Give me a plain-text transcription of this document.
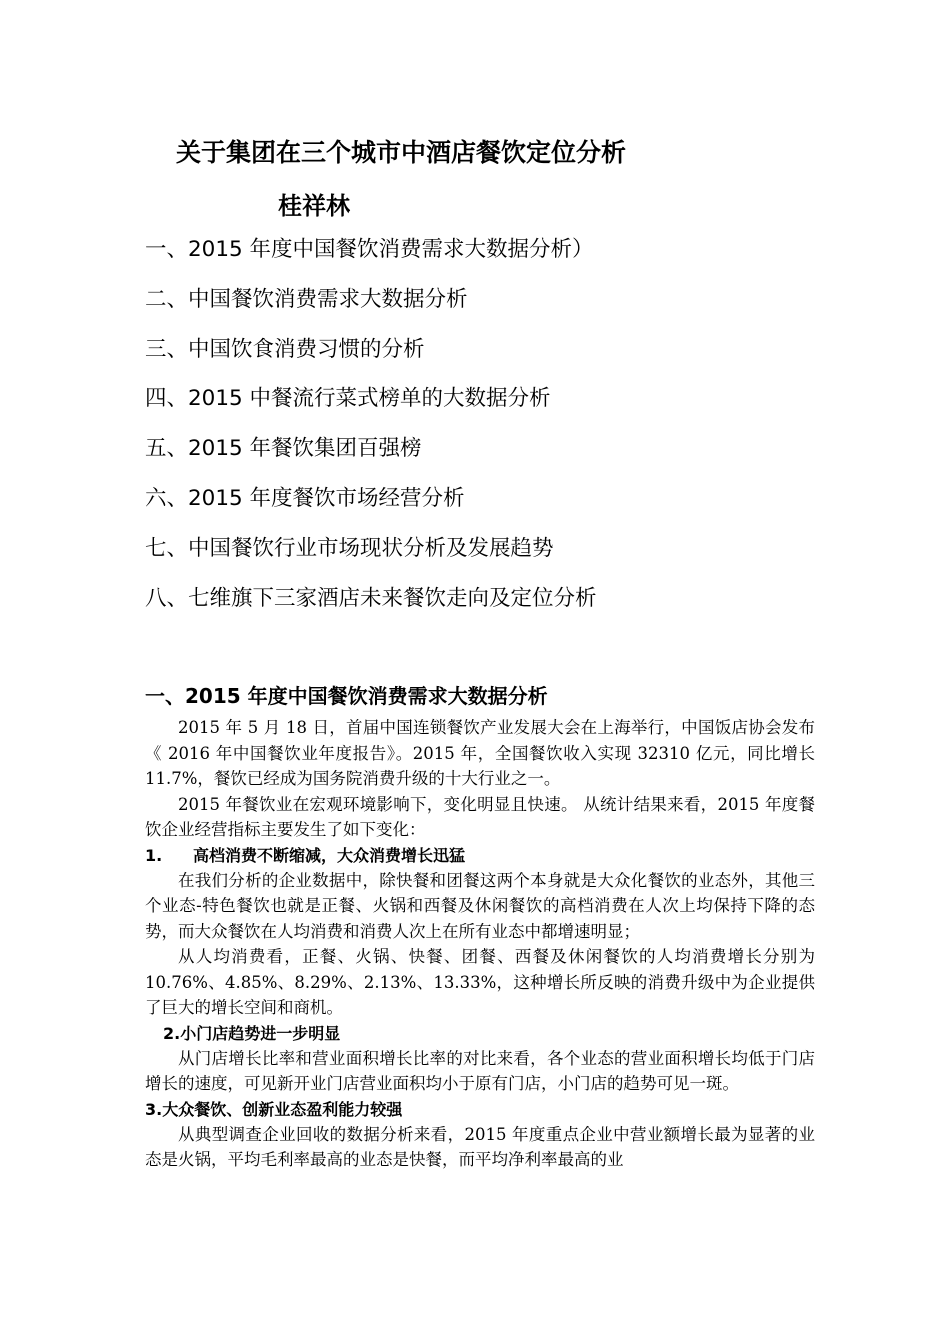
关于集团在三个城市中酒店餐饮定位分析
桂祥林
一、2015 年度中国餐饮消费需求大数据分析）
二、中国餐饮消费需求大数据分析
三、中国饮食消费习惯的分析
四、2015 中餐流行菜式榜单的大数据分析
五、2015 年餐饮集团百强榜
六、2015 年度餐饮市场经营分析
七、中国餐饮行业市场现状分析及发展趋势
八、七维旗下三家酒店未来餐饮走向及定位分析
一、2015 年度中国餐饮消费需求大数据分析

2015 年 5 月 18 日，首届中国连锁餐饮产业发展大会在上海举行，中国饭店协会发布《 2016 年中国餐饮业年度报告》。2015 年，全国餐饮收入实现 32310 亿元，同比增长 11.7%，餐饮已经成为国务院消费升级的十大行业之一。

2015 年餐饮业在宏观环境影响下，变化明显且快速。 从统计结果来看，2015 年度餐饮企业经营指标主要发生了如下变化：

1. 高档消费不断缩减，大众消费增长迅猛

在我们分析的企业数据中，除快餐和团餐这两个本身就是大众化餐饮的业态外，其他三个业态-特色餐饮也就是正餐、火锅和西餐及休闲餐饮的高档消费在人次上均保持下降的态势，而大众餐饮在人均消费和消费人次上在所有业态中都增速明显；

从人均消费看，正餐、火锅、快餐、团餐、西餐及休闲餐饮的人均消费增长分别为 10.76%、4.85%、8.29%、2.13%、13.33%，这种增长所反映的消费升级中为企业提供了巨大的增长空间和商机。

2.小门店趋势进一步明显

从门店增长比率和营业面积增长比率的对比来看，各个业态的营业面积增长均低于门店增长的速度，可见新开业门店营业面积均小于原有门店，小门店的趋势可见一斑。

3.大众餐饮、创新业态盈利能力较强

从典型调查企业回收的数据分析来看，2015 年度重点企业中营业额增长最为显著的业态是火锅，平均毛利率最高的业态是快餐，而平均净利率最高的业
